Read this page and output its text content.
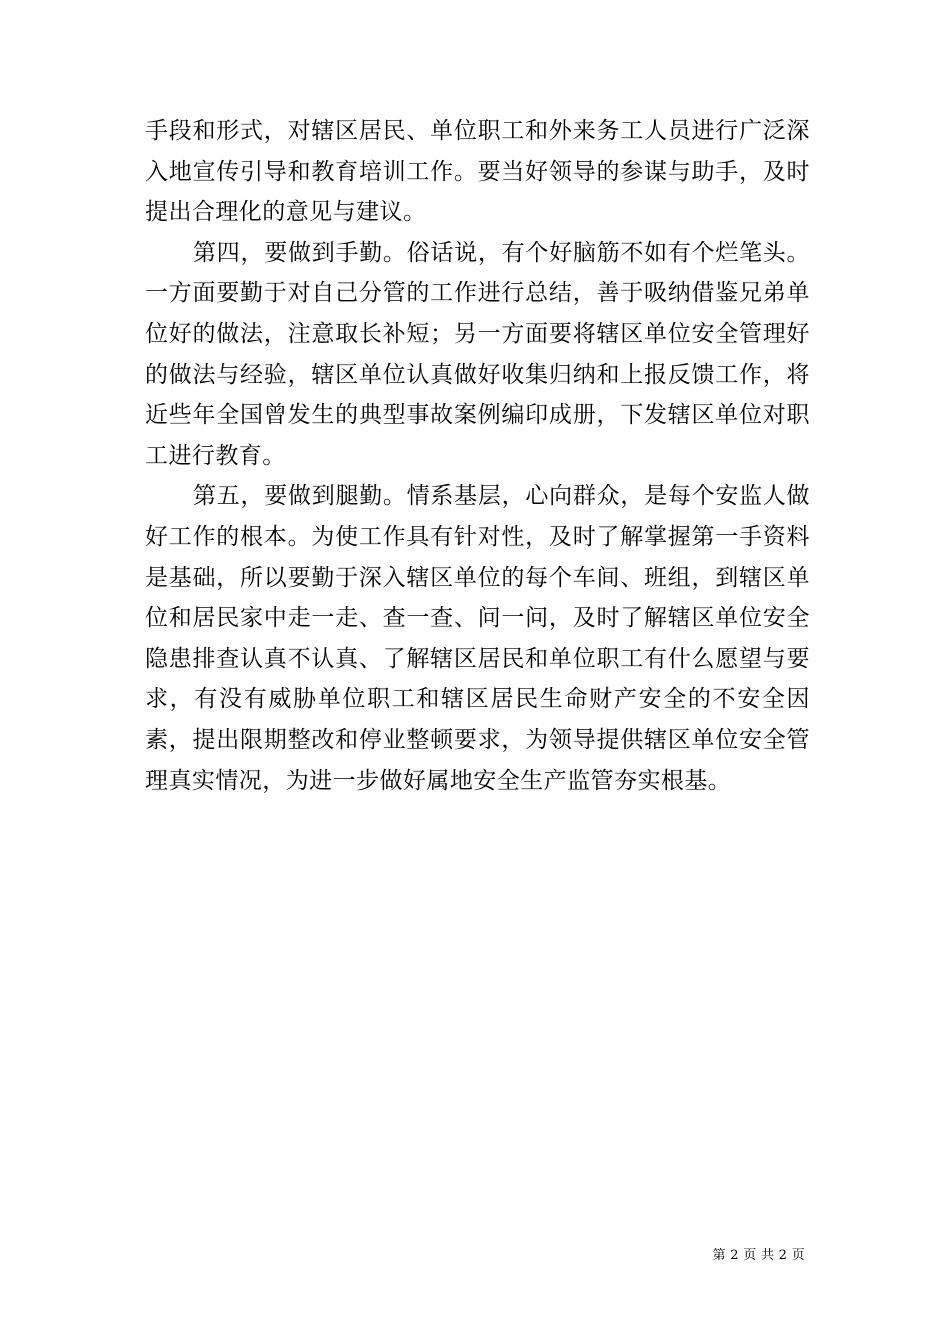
手段和形式，对辖区居民、单位职工和外来务工人员进行广泛深入地宣传引导和教育培训工作。要当好领导的参谋与助手，及时提出合理化的意见与建议。

第四，要做到手勤。俗话说，有个好脑筋不如有个烂笔头。一方面要勤于对自己分管的工作进行总结，善于吸纳借鉴兄弟单位好的做法，注意取长补短；另一方面要将辖区单位安全管理好的做法与经验，辖区单位认真做好收集归纳和上报反馈工作，将近些年全国曾发生的典型事故案例编印成册，下发辖区单位对职工进行教育。

第五，要做到腿勤。情系基层，心向群众，是每个安监人做好工作的根本。为使工作具有针对性，及时了解掌握第一手资料是基础，所以要勤于深入辖区单位的每个车间、班组，到辖区单位和居民家中走一走、查一查、问一问，及时了解辖区单位安全隐患排查认真不认真、了解辖区居民和单位职工有什么愿望与要求，有没有威胁单位职工和辖区居民生命财产安全的不安全因素，提出限期整改和停业整顿要求，为领导提供辖区单位安全管理真实情况，为进一步做好属地安全生产监管夯实根基。

第 2 页 共 2 页
